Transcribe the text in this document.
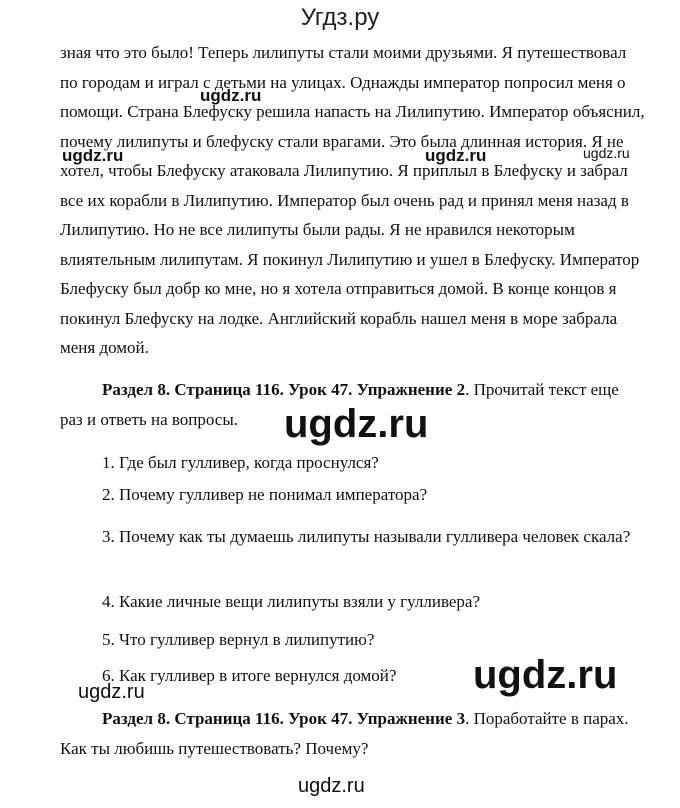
Угдз.ру

зная что это было! Теперь лилипуты стали моими друзьями. Я путешествовал по городам и играл с детьми на улицах. Однажды император попросил меня о помощи. Страна Блефуску решила напасть на Лилипутию. Император объяснил, почему лилипуты и блефуску стали врагами. Это была длинная история. Я не хотел, чтобы Блефуску атаковала Лилипутию. Я приплыл в Блефуску и забрал все их корабли в Лилипутию. Император был очень рад и принял меня назад в Лилипутию. Но не все лилипуты были рады. Я не нравился некоторым влиятельным лилипутам. Я покинул Лилипутию и ушел в Блефуску. Император Блефуску был добр ко мне, но я хотела отправиться домой. В конце концов я покинул Блефуску на лодке. Английский корабль нашел меня в море забрала меня домой.

Раздел 8. Страница 116. Урок 47. Упражнение 2. Прочитай текст еще раз и ответь на вопросы.

1. Где был гулливер, когда проснулся?

2. Почему гулливер не понимал императора?

3. Почему как ты думаешь лилипуты называли гулливера человек скала?

4. Какие личные вещи лилипуты взяли у гулливера?

5. Что гулливер вернул в лилипутию?

6. Как гулливер в итоге вернулся домой?

Раздел 8. Страница 116. Урок 47. Упражнение 3. Поработайте в парах. Как ты любишь путешествовать? Почему?

ugdz.ru
ugdz.ru	ugdz.ru	ugdz.ru
ugdz.ru
ugdz.ru
ugdz.ru
ugdz.ru
